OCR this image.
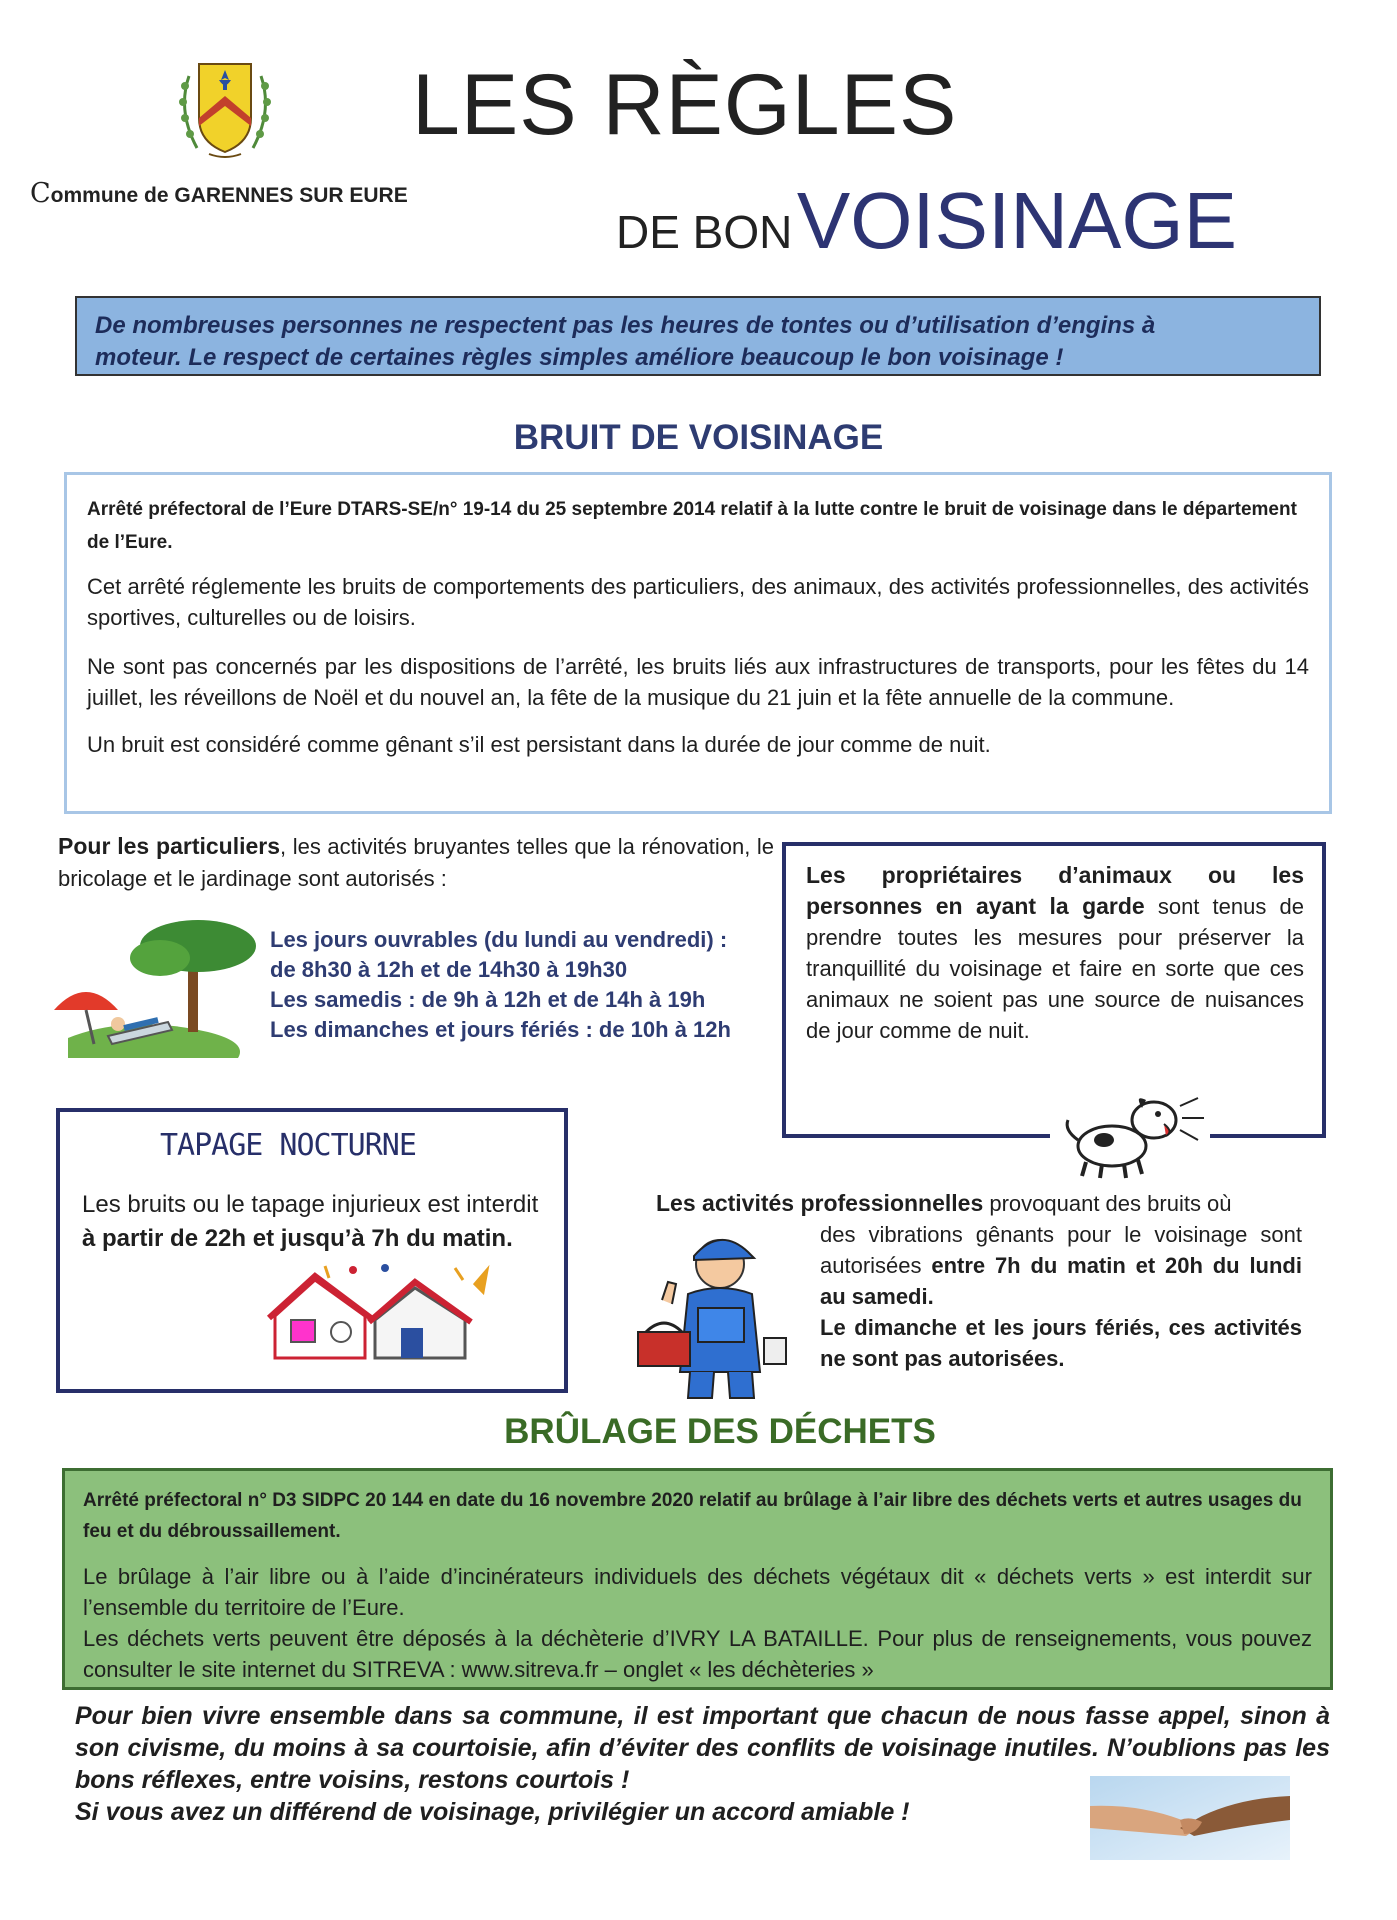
Commune de GARENNES SUR EURE
LES RÈGLES
DE BON VOISINAGE
De nombreuses personnes ne respectent pas les heures de tontes ou d’utilisation d’engins à
moteur. Le respect de certaines règles simples améliore beaucoup le bon voisinage !
BRUIT DE VOISINAGE
Arrêté préfectoral de l’Eure DTARS-SE/n° 19-14 du 25 septembre 2014 relatif à la lutte contre le bruit de voisinage dans le département de l’Eure.

Cet arrêté réglemente les bruits de comportements des particuliers, des animaux, des activités professionnelles, des activités sportives, culturelles ou de loisirs.

Ne sont pas concernés par les dispositions de l’arrêté, les bruits liés aux infrastructures de transports, pour les fêtes du 14 juillet, les réveillons de Noël et du nouvel an, la fête de la musique du 21 juin et la fête annuelle de la commune.

Un bruit est considéré comme gênant s’il est persistant dans la durée de jour comme de nuit.

Pour les particuliers, les activités bruyantes telles que la rénovation, le bricolage et le jardinage sont autorisés :
Les jours ouvrables (du lundi au vendredi) :
de 8h30 à 12h et de 14h30 à 19h30
Les samedis : de 9h à 12h et de 14h à 19h
Les dimanches et jours fériés : de 10h à 12h
Les propriétaires d’animaux ou les personnes en ayant la garde sont tenus de prendre toutes les mesures pour préserver la tranquillité du voisinage et faire en sorte que ces animaux ne soient pas une source de nuisances de jour comme de nuit.
TAPAGE NOCTURNE
Les bruits ou le tapage injurieux est interdit à partir de 22h et jusqu’à 7h du matin.
Les activités professionnelles provoquant des bruits où
des vibrations gênants pour le voisinage sont autorisées entre 7h du matin et 20h du lundi au samedi.
Le dimanche et les jours fériés, ces activités ne sont pas autorisées.
BRÛLAGE DES DÉCHETS
Arrêté préfectoral n° D3 SIDPC 20 144 en date du 16 novembre 2020 relatif au brûlage à l’air libre des déchets verts et autres usages du feu et du débroussaillement.

Le brûlage à l’air libre ou à l’aide d’incinérateurs individuels des déchets végétaux dit « déchets verts » est interdit sur l’ensemble du territoire de l’Eure.

Les déchets verts peuvent être déposés à la déchèterie d’IVRY LA BATAILLE. Pour plus de renseignements, vous pouvez consulter le site internet du SITREVA : www.sitreva.fr – onglet « les déchèteries »

Pour bien vivre ensemble dans sa commune, il est important que chacun de nous fasse appel, sinon à son civisme, du moins à sa courtoisie, afin d’éviter des conflits de voisinage inutiles. N’oublions pas les bons réflexes, entre voisins, restons courtois !
Si vous avez un différend de voisinage, privilégier un accord amiable !
